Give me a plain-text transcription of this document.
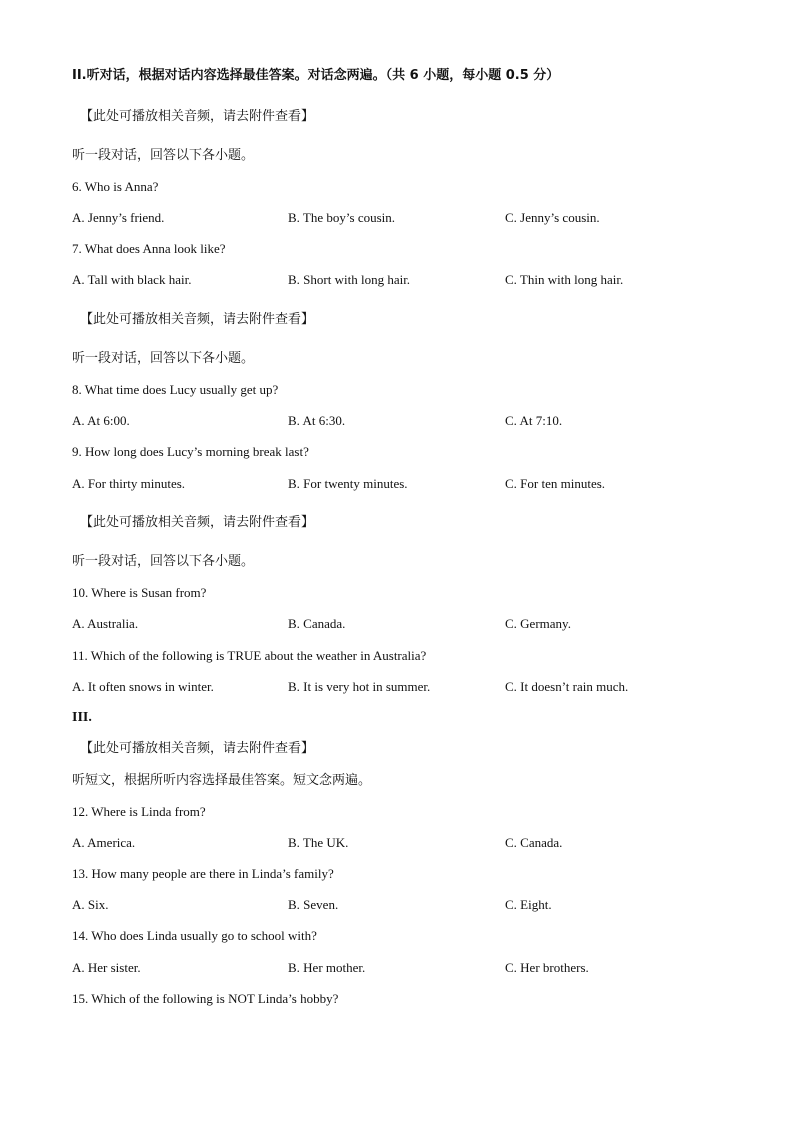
II.听对话，根据对话内容选择最佳答案。对话念两遍。（共 6 小题，每小题 0.5 分）
【此处可播放相关音频，请去附件查看】
听一段对话，回答以下各小题。
6. Who is Anna?
A. Jenny’s friend.	B. The boy’s cousin.	C. Jenny’s cousin.
7. What does Anna look like?
A. Tall with black hair.	B. Short with long hair.	C. Thin with long hair.
【此处可播放相关音频，请去附件查看】
听一段对话，回答以下各小题。
8. What time does Lucy usually get up?
A. At 6:00.	B. At 6:30.	C. At 7:10.
9. How long does Lucy’s morning break last?
A. For thirty minutes.	B. For twenty minutes.	C. For ten minutes.
【此处可播放相关音频，请去附件查看】
听一段对话，回答以下各小题。
10. Where is Susan from?
A. Australia.	B. Canada.	C. Germany.
11. Which of the following is TRUE about the weather in Australia?
A. It often snows in winter.	B. It is very hot in summer.	C. It doesn’t rain much.
III.
【此处可播放相关音频，请去附件查看】
听短文，根据所听内容选择最佳答案。短文念两遍。
12. Where is Linda from?
A. America.	B. The UK.	C. Canada.
13. How many people are there in Linda’s family?
A. Six.	B. Seven.	C. Eight.
14. Who does Linda usually go to school with?
A. Her sister.	B. Her mother.	C. Her brothers.
15. Which of the following is NOT Linda’s hobby?
